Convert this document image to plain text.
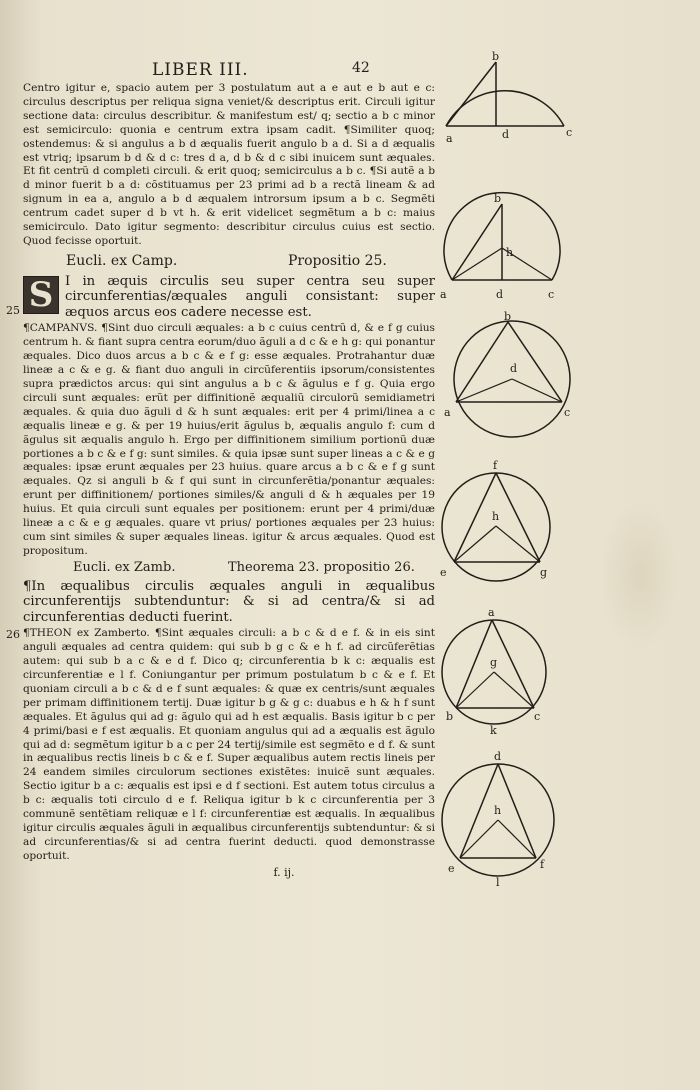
LIBER III.	42

Centro igitur e, spacio autem per 3 postulatum aut a e aut e b aut e c: circulus descriptus per reliqua signa veniet/& descriptus erit. Circuli igitur sectione data: circulus describitur. & manifestum est/ q; sectio a b c minor est semicirculo: quonia e centrum extra ipsam cadit. ¶Similiter quoq; ostendemus: & si angulus a b d æqualis fuerit angulo b a d. Si a d æqualis est vtriq; ipsarum b d & d c: tres d a, d b & d c sibi inuicem sunt æquales. Et fit centrũ d completi circuli. & erit quoq; semicirculus a b c. ¶Si autẽ a b d minor fuerit b a d: cõstituamus per 23 primi ad b a rectã lineam & ad signum in ea a, angulo a b d æqualem introrsum ipsum a b c. Segmẽti centrum cadet super d b vt h. & erit videlicet segmẽtum a b c: maius semicirculo. Dato igitur segmento: describitur circulus cuius est sectio. Quod fecisse oportuit.

Eucli. ex Camp.	Propositio 25.
S I in æquis circulis seu super centra seu super circunferentias/æquales anguli consistant: super æquos arcus eos cadere necesse est.

¶CAMPANVS. ¶Sint duo circuli æquales: a b c cuius centrũ d, & e f g cuius centrum h. & fiant supra centra eorum/duo ãguli a d c & e h g: qui ponantur æquales. Dico duos arcus a b c & e f g: esse æquales. Protrahantur duæ lineæ a c & e g. & fiant duo anguli in circũferentiis ipsorum/consistentes supra prædictos arcus: qui sint angulus a b c & ãgulus e f g. Quia ergo circuli sunt æquales: erũt per diffinitionẽ æqualiũ circulorũ semidiametri æquales. & quia duo ãguli d & h sunt æquales: erit per 4 primi/linea a c æqualis lineæ e g. & per 19 huius/erit ãgulus b, æqualis angulo f: cum d ãgulus sit æqualis angulo h. Ergo per diffinitionem similium portionũ duæ portiones a b c & e f g: sunt similes. & quia ipsæ sunt super lineas a c & e g æquales: ipsæ erunt æquales per 23 huius. quare arcus a b c & e f g sunt æquales. Qz si anguli b & f qui sunt in circunferẽtia/ponantur æquales: erunt per diffinitionem/ portiones similes/& anguli d & h æquales per 19 huius. Et quia circuli sunt equales per positionem: erunt per 4 primi/duæ lineæ a c & e g æquales. quare vt prius/ portiones æquales per 23 huius: cum sint similes & super æquales lineas. igitur & arcus æquales. Quod est propositum.

Eucli. ex Zamb.	Theorema 23. propositio 26.

¶In æqualibus circulis æquales anguli in æqualibus circunferentijs subtenduntur: & si ad centra/& si ad circunferentias deducti fuerint.

¶THEON ex Zamberto. ¶Sint æquales circuli: a b c & d e f. & in eis sint anguli æquales ad centra quidem: qui sub b g c & e h f. ad circũferẽtias autem: qui sub b a c & e d f. Dico q; circunferentia b k c: æqualis est circunferentiæ e l f. Coniungantur per primum postulatum b c & e f. Et quoniam circuli a b c & d e f sunt æquales: & quæ ex centris/sunt æquales per primam diffinitionem tertij. Duæ igitur b g & g c: duabus e h & h f sunt æquales. Et ãgulus qui ad g: ãgulo qui ad h est æqualis. Basis igitur b c per 4 primi/basi e f est æqualis. Et quoniam angulus qui ad a æqualis est ãgulo qui ad d: segmẽtum igitur b a c per 24 tertij/simile est segmẽto e d f. & sunt in æqualibus rectis lineis b c & e f. Super æqualibus autem rectis lineis per 24 eandem similes circulorum sectiones existẽtes: inuicẽ sunt æquales. Sectio igitur b a c: æqualis est ipsi e d f sectioni. Est autem totus circulus a b c: æqualis toti circulo d e f. Reliqua igitur b k c circunferentia per 3 communẽ sentẽtiam reliquæ e l f: circunferentiæ est æqualis. In æqualibus igitur circulis æquales ãguli in æqualibus circunferentijs subtenduntur: & si ad circunferentias/& si ad centra fuerint deducti. quod demonstrasse oportuit.

f. ij.
25
26
b
a	d	c
b
h
a	d	c
b
d
a	c
f
h
e	g
a
g
b	c
k
d
h
e	f
l
